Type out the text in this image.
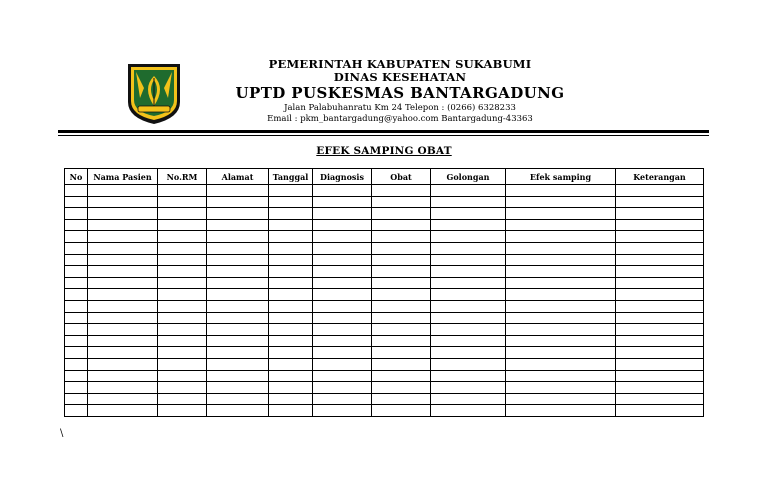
PEMERINTAH KABUPATEN SUKABUMI
DINAS KESEHATAN
UPTD PUSKESMAS BANTARGADUNG
Jalan Palabuhanratu Km 24 Telepon : (0266) 6328233
Email : pkm_bantargadung@yahoo.com Bantargadung-43363
EFEK SAMPING OBAT
No	Nama Pasien	No.RM	Alamat	Tanggal	Diagnosis	Obat	Golongan	Efek samping	Keterangan

\
